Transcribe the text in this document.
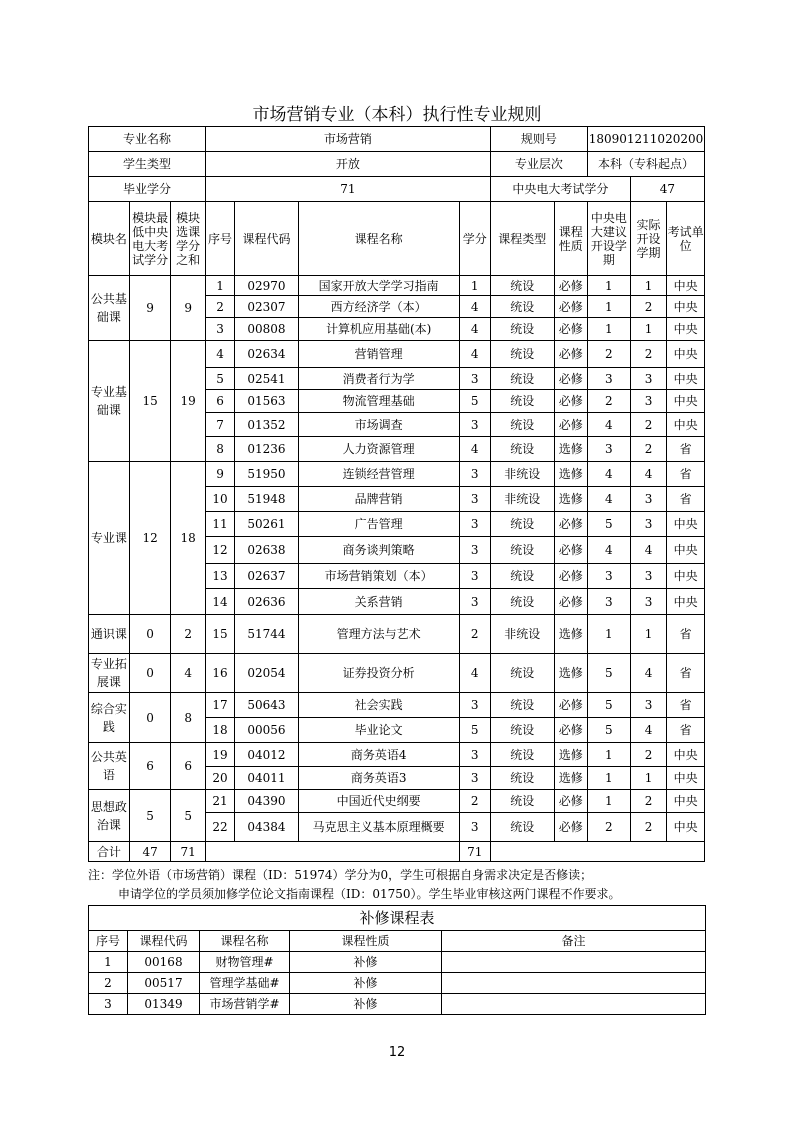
市场营销专业（本科）执行性专业规则
专业名称			市场营销				规则号		180901211020200		
学生类型			开放				专业层次		本科（专科起点）		
毕业学分			71				中央电大考试学分			47	
模块名	模块最低中央电大考试学分	模块选课学分之和	序号	课程代码	课程名称	学分	课程类型	课程性质	中央电大建议开设学期	实际开设学期	考试单位
公共基础课	9	9	1	02970	国家开放大学学习指南	1	统设	必修	1	1	中央
			2	02307	西方经济学（本）	4	统设	必修	1	2	中央
			3	00808	计算机应用基础(本)	4	统设	必修	1	1	中央
专业基础课	15	19	4	02634	营销管理	4	统设	必修	2	2	中央
			5	02541	消费者行为学	3	统设	必修	3	3	中央
			6	01563	物流管理基础	5	统设	必修	2	3	中央
			7	01352	市场调查	3	统设	必修	4	2	中央
			8	01236	人力资源管理	4	统设	选修	3	2	省
专业课	12	18	9	51950	连锁经营管理	3	非统设	选修	4	4	省
			10	51948	品牌营销	3	非统设	选修	4	3	省
			11	50261	广告管理	3	统设	必修	5	3	中央
			12	02638	商务谈判策略	3	统设	必修	4	4	中央
			13	02637	市场营销策划（本）	3	统设	必修	3	3	中央
			14	02636	关系营销	3	统设	必修	3	3	中央
通识课	0	2	15	51744	管理方法与艺术	2	非统设	选修	1	1	省
专业拓展课	0	4	16	02054	证券投资分析	4	统设	选修	5	4	省
综合实践	0	8	17	50643	社会实践	3	统设	必修	5	3	省
			18	00056	毕业论文	5	统设	必修	5	4	省
公共英语	6	6	19	04012	商务英语4	3	统设	选修	1	2	中央
			20	04011	商务英语3	3	统设	选修	1	1	中央
思想政治课	5	5	21	04390	中国近代史纲要	2	统设	必修	1	2	中央
			22	04384	马克思主义基本原理概要	3	统设	必修	2	2	中央
合计	47	71				71					
注：学位外语（市场营销）课程（ID：51974）学分为0，学生可根据自身需求决定是否修读；
申请学位的学员须加修学位论文指南课程（ID：01750）。学生毕业审核这两门课程不作要求。
补修课程表				
序号	课程代码	课程名称	课程性质	备注
1	00168	财物管理#	补修	
2	00517	管理学基础#	补修	
3	01349	市场营销学#	补修	
12
